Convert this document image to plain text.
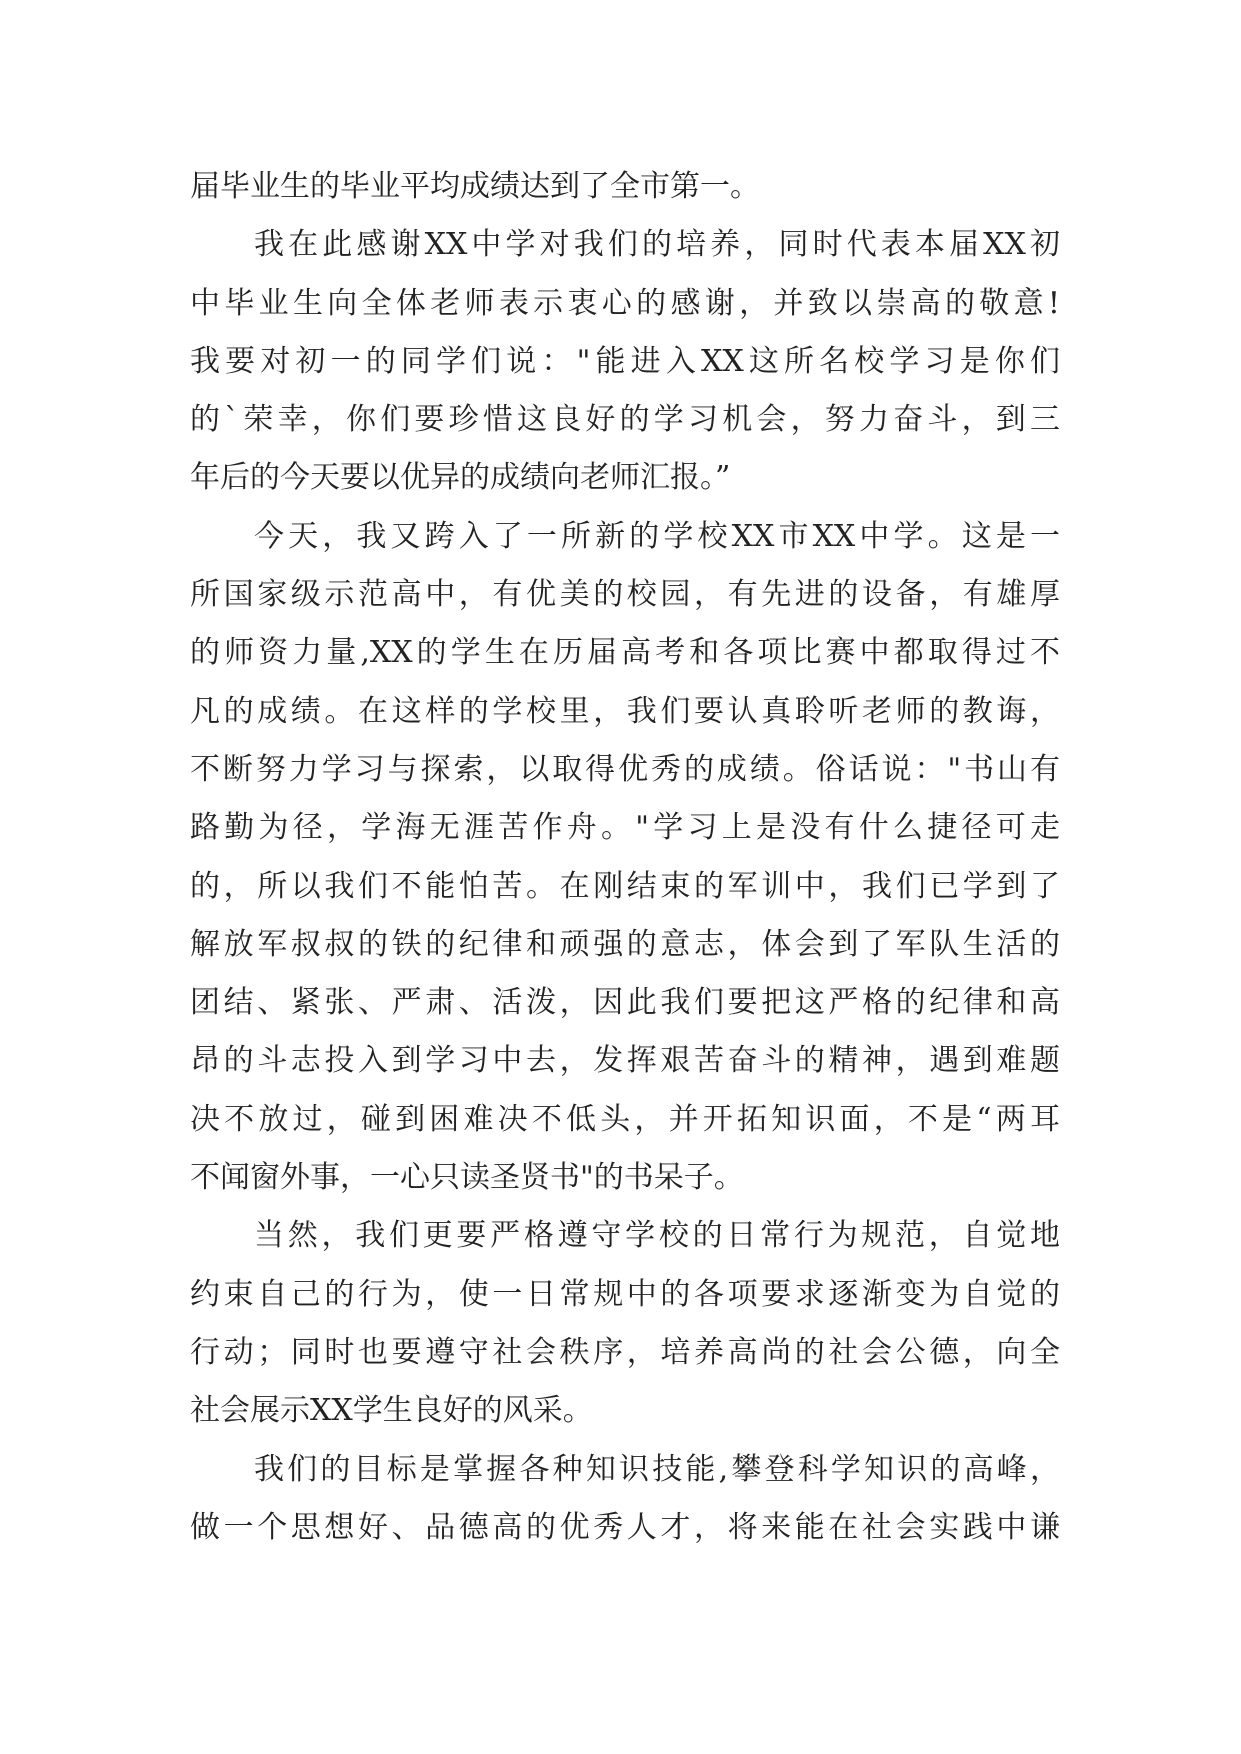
届毕业生的毕业平均成绩达到了全市第一。
我在此感谢XX中学对我们的培养，同时代表本届XX初
中毕业生向全体老师表示衷心的感谢，并致以崇高的敬意!
我要对初一的同学们说："能进入XX这所名校学习是你们
的`荣幸，你们要珍惜这良好的学习机会，努力奋斗，到三
年后的今天要以优异的成绩向老师汇报。”
今天，我又跨入了一所新的学校XX市XX中学。这是一
所国家级示范高中，有优美的校园，有先进的设备，有雄厚
的师资力量,XX的学生在历届高考和各项比赛中都取得过不
凡的成绩。在这样的学校里，我们要认真聆听老师的教诲，
不断努力学习与探索，以取得优秀的成绩。俗话说："书山有
路勤为径，学海无涯苦作舟。"学习上是没有什么捷径可走
的，所以我们不能怕苦。在刚结束的军训中，我们已学到了
解放军叔叔的铁的纪律和顽强的意志，体会到了军队生活的
团结、紧张、严肃、活泼，因此我们要把这严格的纪律和高
昂的斗志投入到学习中去，发挥艰苦奋斗的精神，遇到难题
决不放过，碰到困难决不低头，并开拓知识面，不是“两耳
不闻窗外事，一心只读圣贤书"的书呆子。
当然，我们更要严格遵守学校的日常行为规范，自觉地
约束自己的行为，使一日常规中的各项要求逐渐变为自觉的
行动；同时也要遵守社会秩序，培养高尚的社会公德，向全
社会展示XX学生良好的风采。
我们的目标是掌握各种知识技能,攀登科学知识的高峰，
做一个思想好、品德高的优秀人才，将来能在社会实践中谦
